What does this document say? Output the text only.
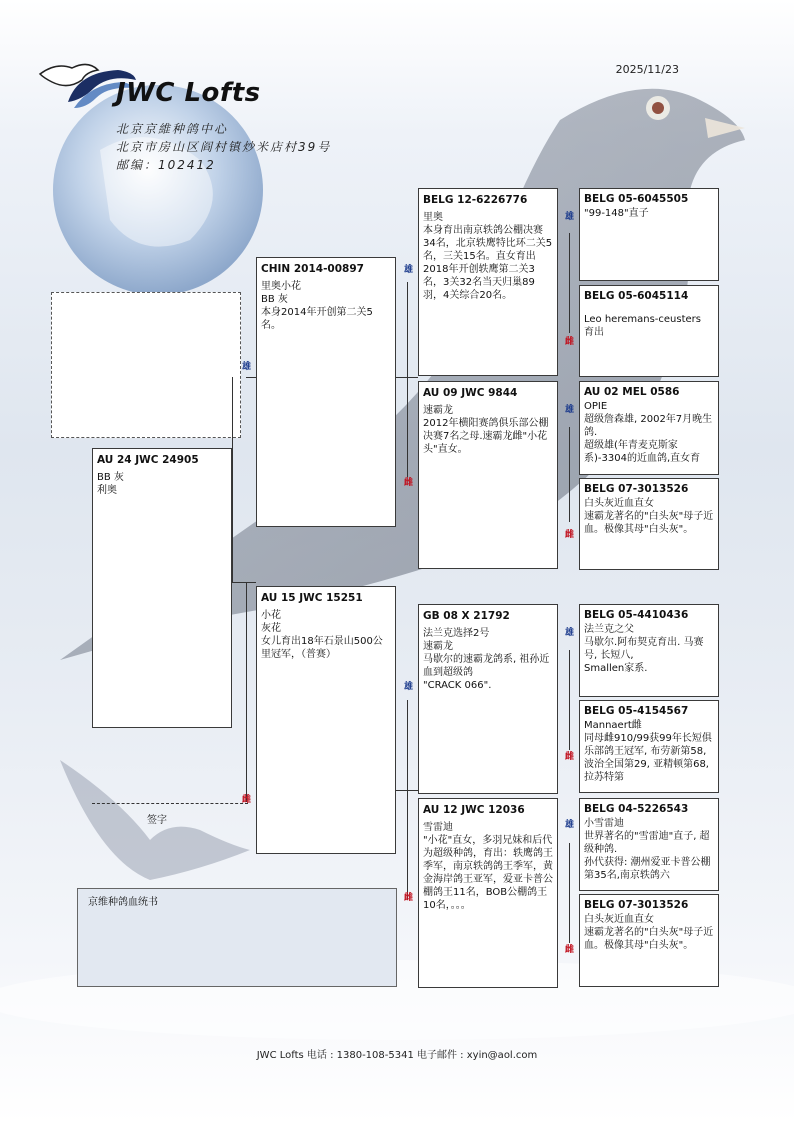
JWC Lofts
北京京維种鸽中心
北京市房山区阎村镇炒米店村39号
邮编：102412
2025/11/23
AU 24 JWC 24905
BB 灰
利奥
CHIN 2014-00897
里奥小花
BB 灰
本身2014年开创第二关5名。
雄
AU 15 JWC 15251
小花
灰花
女儿育出18年石景山500公里冠军，（普赛）
雌
BELG 12-6226776
里奥
本身育出南京轶鸽公棚决赛34名，北京轶鹰特比环二关5名，三关15名。直女育出2018年开创轶鹰第二关3名，3关32名当天归巢89羽，4关综合20名。
雄
AU 09 JWC 9844
速霸龙
2012年横阳赛鸽俱乐部公棚决赛7名之母.速霸龙雌"小花头"直女。
雌
GB 08 X 21792
法兰克选择2号
速霸龙
马歇尔的速霸龙鸽系, 祖孙近血到超级鸽
"CRACK 066".
雄
AU 12 JWC 12036
雪雷迪
"小花"直女，多羽兄妹和后代为超级种鸽，育出：轶鹰鸽王季军，南京轶鸽鸽王季军，黄金海岸鸽王亚军，爱亚卡普公棚鸽王11名，BOB公棚鸽王10名，。。。
雌
BELG 05-6045505
"99-148"直子
雄
BELG 05-6045114
Leo heremans-ceusters 育出
雌
AU 02 MEL 0586
OPIE
超级詹森雄, 2002年7月晚生鸽.
超级雄(年青麦克斯家系)-3304的近血鸽,直女育
雄
BELG 07-3013526
白头灰近血直女
速霸龙著名的"白头灰"母子近血。极像其母"白头灰"。
雌
BELG 05-4410436
法兰克之父
马歇尔.阿布契克育出. 马赛号, 长短八,
Smallen家系.
雄
BELG 05-4154567
Mannaert雌
同母雌910/99获99年长短俱乐部鸽王冠军, 布劳新第58, 波治全国第29, 亚精顿第68, 拉苏特第
雌
BELG 04-5226543
小雪雷迪
世界著名的"雪雷迪"直子, 超级种鸽.
孙代获得: 潮州爱亚卡普公棚第35名,南京轶鸽六
雄
BELG 07-3013526
白头灰近血直女
速霸龙著名的"白头灰"母子近血。极像其母"白头灰"。
雌
签字
京维种鸽血统书
JWC Lofts 电话 : 1380-108-5341 电子邮件 : xyin@aol.com
